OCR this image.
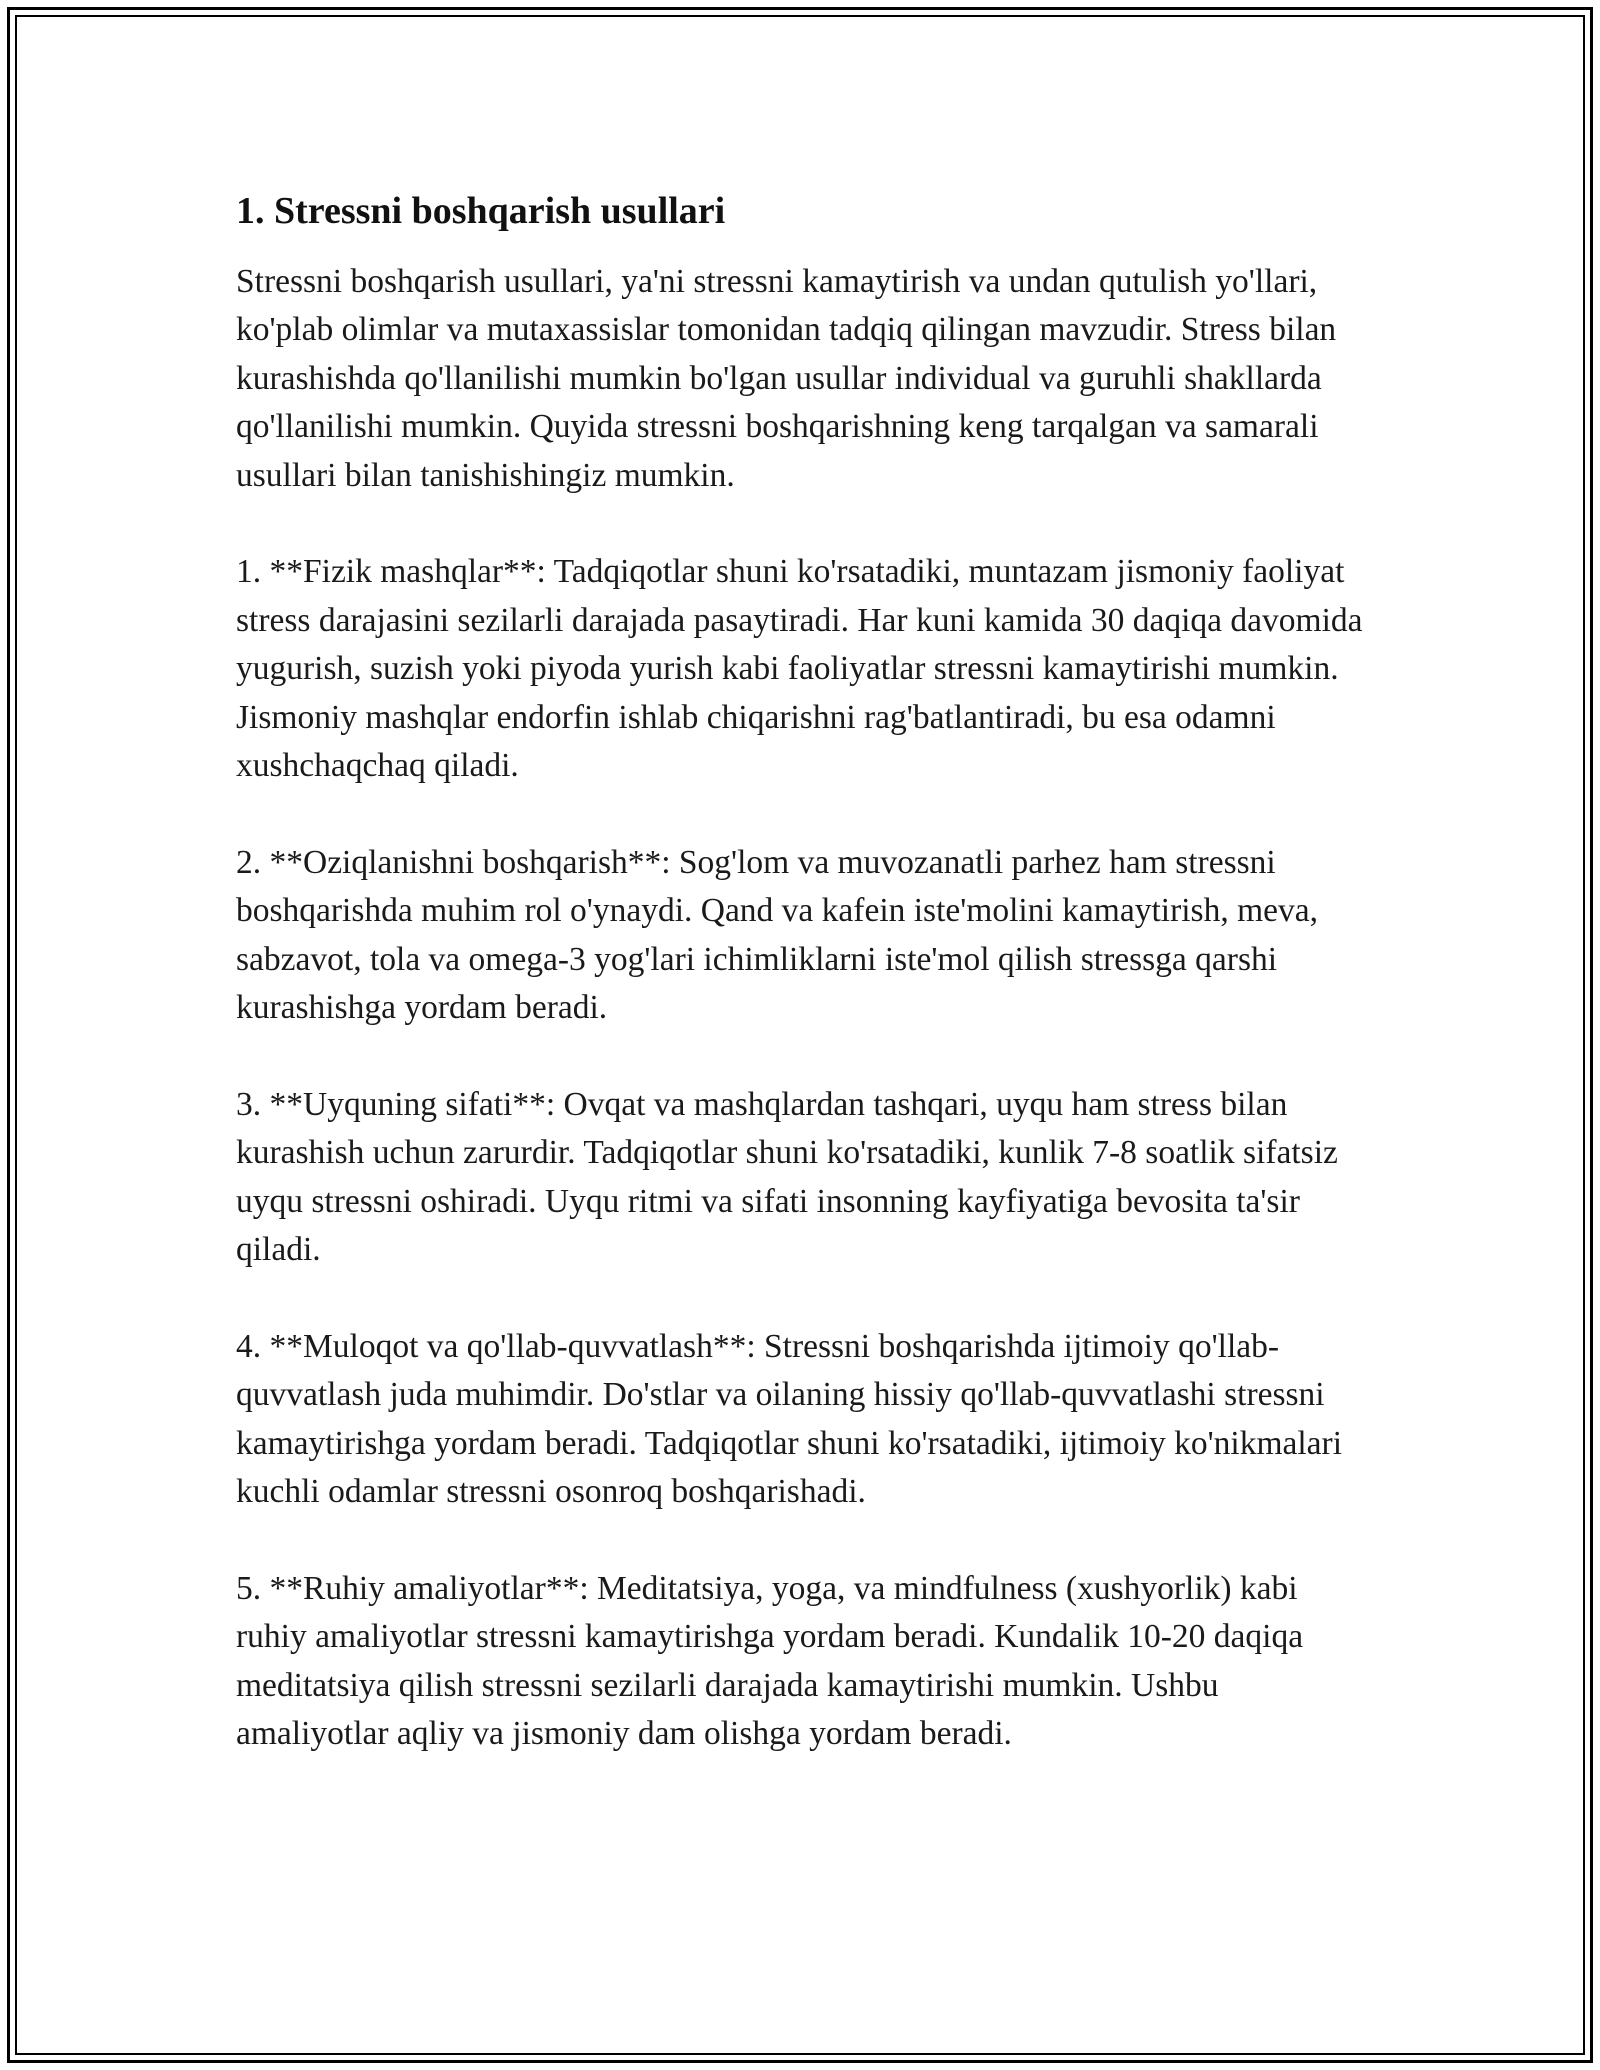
1. Stressni boshqarish usullari

Stressni boshqarish usullari, ya'ni stressni kamaytirish va undan qutulish yo'llari, ko'plab olimlar va mutaxassislar tomonidan tadqiq qilingan mavzudir. Stress bilan kurashishda qo'llanilishi mumkin bo'lgan usullar individual va guruhli shakllarda qo'llanilishi mumkin. Quyida stressni boshqarishning keng tarqalgan va samarali usullari bilan tanishishingiz mumkin.

1. **Fizik mashqlar**: Tadqiqotlar shuni ko'rsatadiki, muntazam jismoniy faoliyat stress darajasini sezilarli darajada pasaytiradi. Har kuni kamida 30 daqiqa davomida yugurish, suzish yoki piyoda yurish kabi faoliyatlar stressni kamaytirishi mumkin. Jismoniy mashqlar endorfin ishlab chiqarishni rag'batlantiradi, bu esa odamni xushchaqchaq qiladi.

2. **Oziqlanishni boshqarish**: Sog'lom va muvozanatli parhez ham stressni boshqarishda muhim rol o'ynaydi. Qand va kafein iste'molini kamaytirish, meva, sabzavot, tola va omega-3 yog'lari ichimliklarni iste'mol qilish stressga qarshi kurashishga yordam beradi.

3. **Uyquning sifati**: Ovqat va mashqlardan tashqari, uyqu ham stress bilan kurashish uchun zarurdir. Tadqiqotlar shuni ko'rsatadiki, kunlik 7-8 soatlik sifatsiz uyqu stressni oshiradi. Uyqu ritmi va sifati insonning kayfiyatiga bevosita ta'sir qiladi.

4. **Muloqot va qo'llab-quvvatlash**: Stressni boshqarishda ijtimoiy qo'llab-quvvatlash juda muhimdir. Do'stlar va oilaning hissiy qo'llab-quvvatlashi stressni kamaytirishga yordam beradi. Tadqiqotlar shuni ko'rsatadiki, ijtimoiy ko'nikmalari kuchli odamlar stressni osonroq boshqarishadi.

5. **Ruhiy amaliyotlar**: Meditatsiya, yoga, va mindfulness (xushyorlik) kabi ruhiy amaliyotlar stressni kamaytirishga yordam beradi. Kundalik 10-20 daqiqa meditatsiya qilish stressni sezilarli darajada kamaytirishi mumkin. Ushbu amaliyotlar aqliy va jismoniy dam olishga yordam beradi.
